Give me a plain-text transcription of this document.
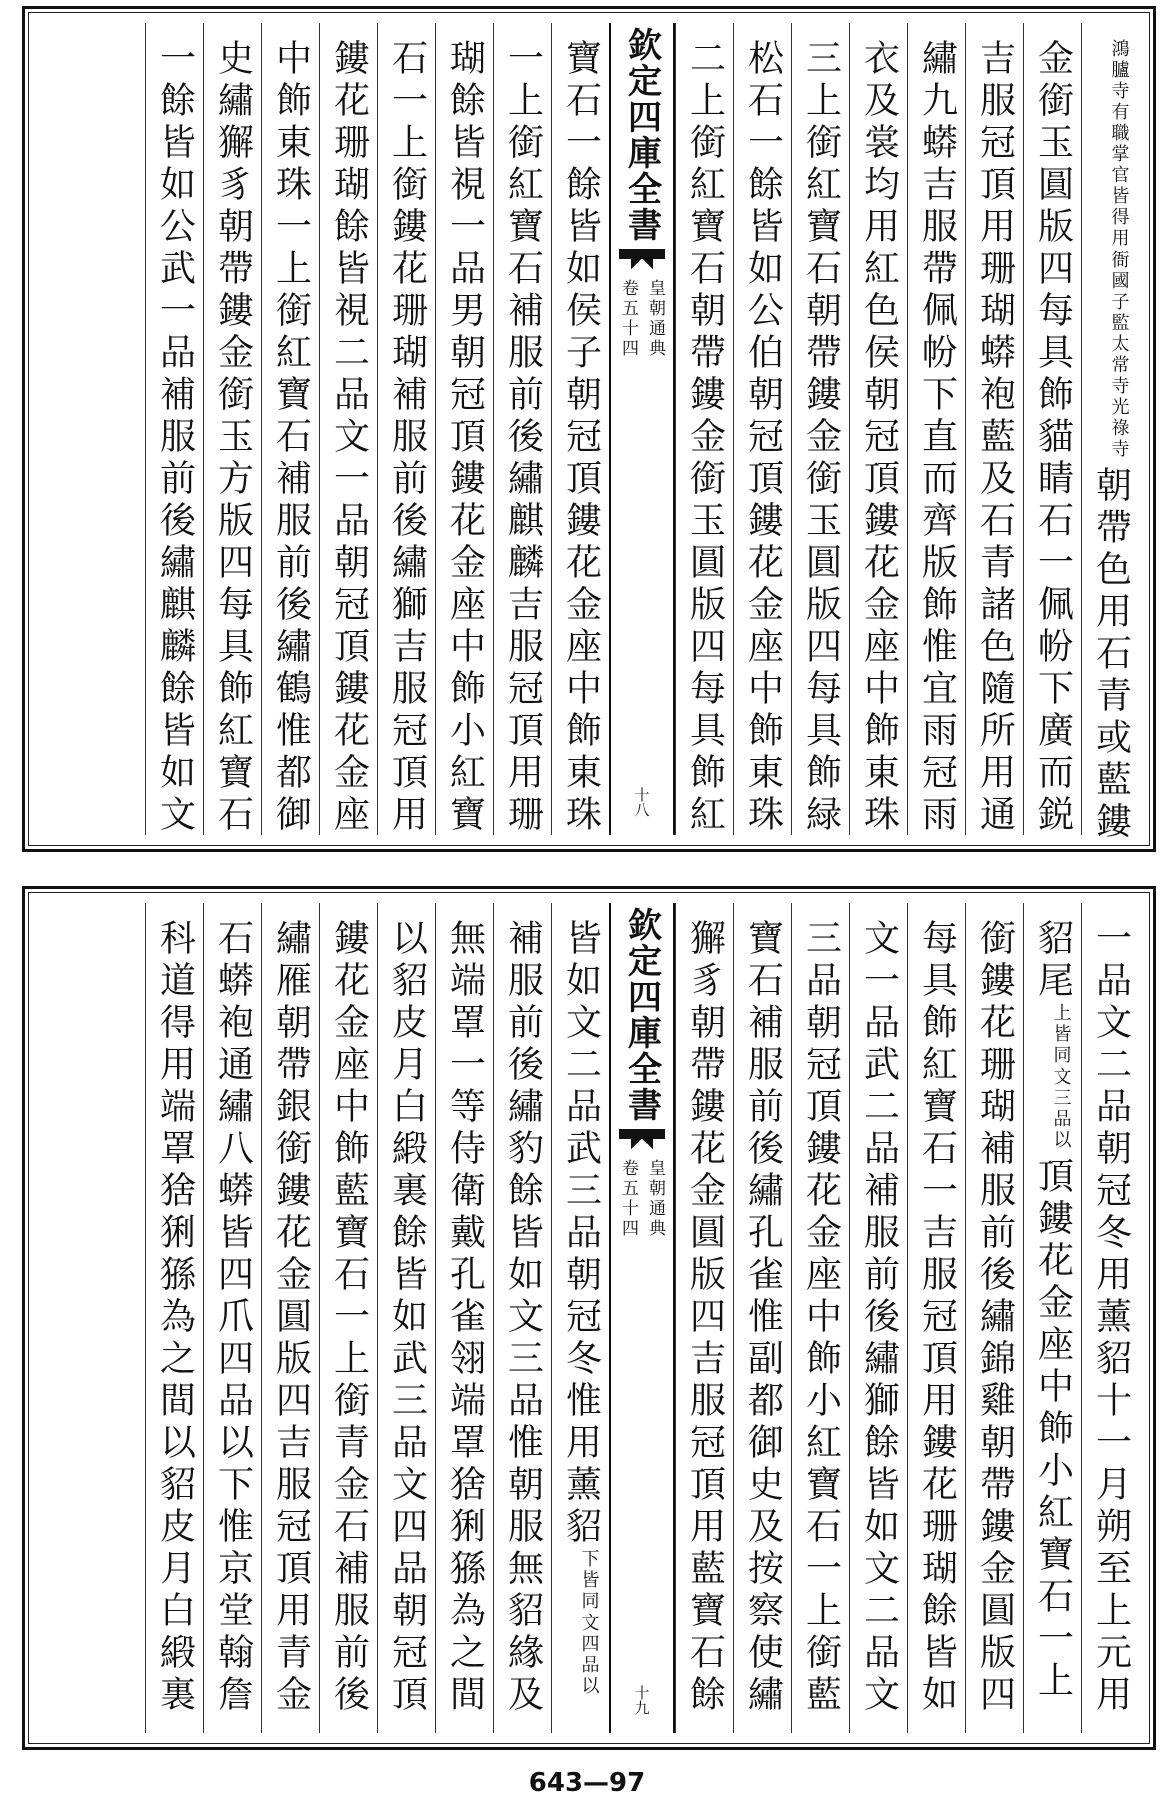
衙國子監太常寺光祿寺
鴻臚寺有職掌官皆得用
朝帶色用石青或藍鏤
金銜玉圓版四每具飾貓睛石一佩帉下廣而鋭
吉服冠頂用珊瑚蟒袍藍及石青諸色隨所用通
繡九蟒吉服帶佩帉下直而齊版飾惟宜雨冠雨
衣及裳均用紅色侯朝冠頂鏤花金座中飾東珠
三上銜紅寶石朝帶鏤金銜玉圓版四每具飾緑
松石一餘皆如公伯朝冠頂鏤花金座中飾東珠
二上銜紅寶石朝帶鏤金銜玉圓版四每具飾紅
欽定四庫全書
皇朝通典
卷五十四
十八
寶石一餘皆如侯子朝冠頂鏤花金座中飾東珠
一上銜紅寶石補服前後繡麒麟吉服冠頂用珊
瑚餘皆視一品男朝冠頂鏤花金座中飾小紅寶
石一上銜鏤花珊瑚補服前後繡獅吉服冠頂用
鏤花珊瑚餘皆視二品文一品朝冠頂鏤花金座
中飾東珠一上銜紅寶石補服前後繡鶴惟都御
史繡獬豸朝帶鏤金銜玉方版四每具飾紅寶石
一餘皆如公武一品補服前後繡麒麟餘皆如文
一品文二品朝冠冬用薰貂十一月朔至上元用
貂尾
文三品以
上皆同
頂鏤花金座中飾小紅寶石一上
銜鏤花珊瑚補服前後繡錦雞朝帶鏤金圓版四
每具飾紅寶石一吉服冠頂用鏤花珊瑚餘皆如
文一品武二品補服前後繡獅餘皆如文二品文
三品朝冠頂鏤花金座中飾小紅寶石一上銜藍
寶石補服前後繡孔雀惟副都御史及按察使繡
獬豸朝帶鏤花金圓版四吉服冠頂用藍寶石餘
欽定四庫全書
皇朝通典
卷五十四
十九
皆如文二品武三品朝冠冬惟用薰貂
文四品以
下皆同
補服前後繡豹餘皆如文三品惟朝服無貂緣及
無端罩一等侍衛戴孔雀翎端罩猞猁猻為之間
以貂皮月白緞裏餘皆如武三品文四品朝冠頂
鏤花金座中飾藍寶石一上銜青金石補服前後
繡雁朝帶銀銜鏤花金圓版四吉服冠頂用青金
石蟒袍通繡八蟒皆四爪四品以下惟京堂翰詹
科道得用端罩猞猁猻為之間以貂皮月白緞裏
643—97
